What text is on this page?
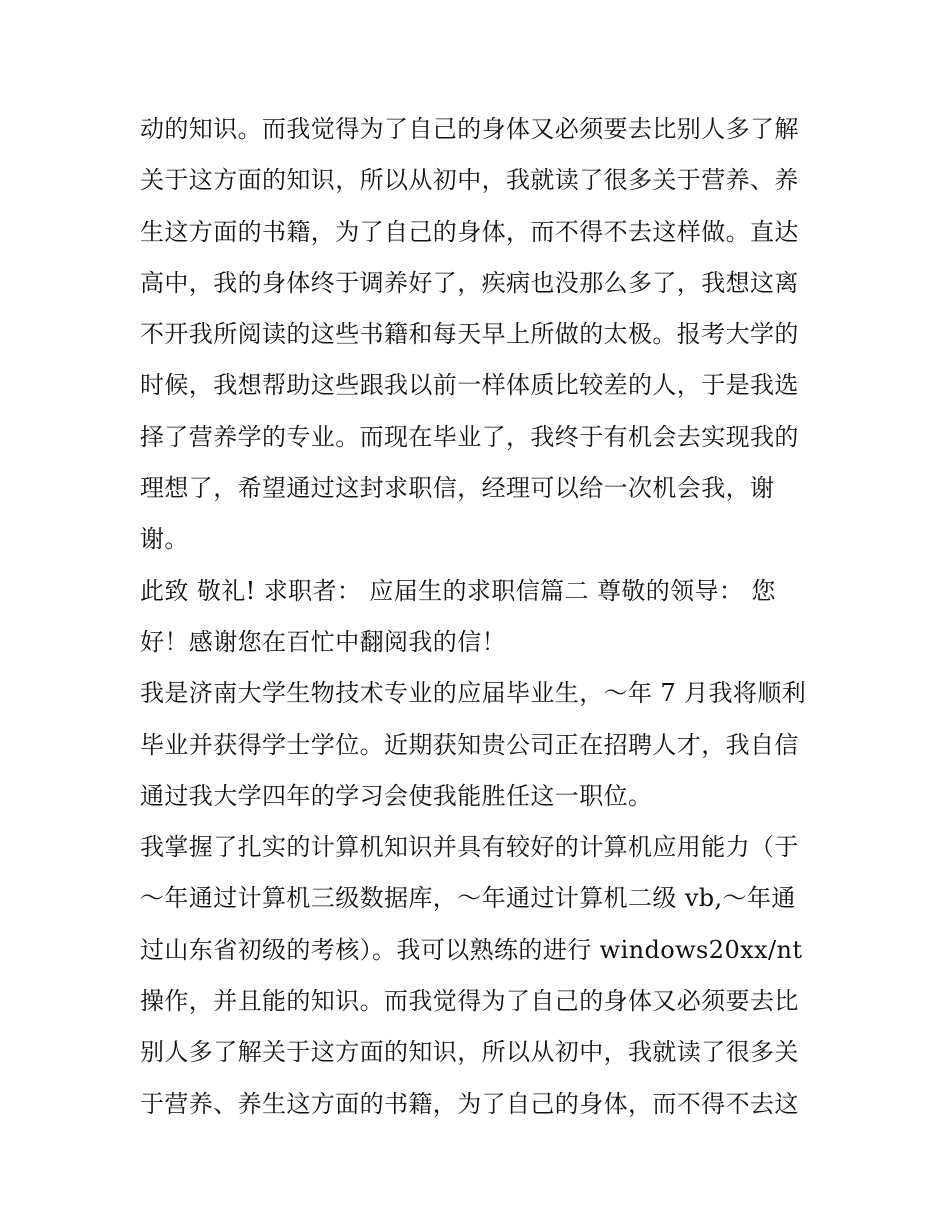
动的知识。而我觉得为了自己的身体又必须要去比别人多了解
关于这方面的知识，所以从初中，我就读了很多关于营养、养
生这方面的书籍，为了自己的身体，而不得不去这样做。直达
高中，我的身体终于调养好了，疾病也没那么多了，我想这离
不开我所阅读的这些书籍和每天早上所做的太极。报考大学的
时候，我想帮助这些跟我以前一样体质比较差的人，于是我选
择了营养学的专业。而现在毕业了，我终于有机会去实现我的
理想了，希望通过这封求职信，经理可以给一次机会我，谢
谢。
此致 敬礼! 求职者： 应届生的求职信篇二 尊敬的领导： 您
好！感谢您在百忙中翻阅我的信！
我是济南大学生物技术专业的应届毕业生，～年 7 月我将顺利
毕业并获得学士学位。近期获知贵公司正在招聘人才，我自信
通过我大学四年的学习会使我能胜任这一职位。
我掌握了扎实的计算机知识并具有较好的计算机应用能力（于
～年通过计算机三级数据库，～年通过计算机二级 vb,～年通
过山东省初级的考核）。我可以熟练的进行 windows20xx/nt
操作，并且能的知识。而我觉得为了自己的身体又必须要去比
别人多了解关于这方面的知识，所以从初中，我就读了很多关
于营养、养生这方面的书籍，为了自己的身体，而不得不去这
